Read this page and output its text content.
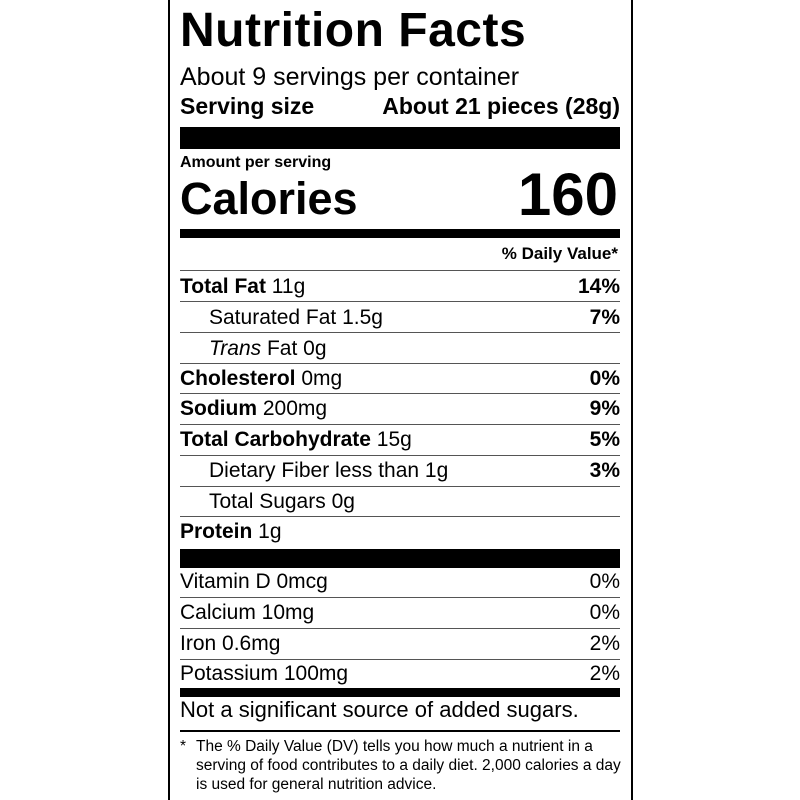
Nutrition Facts
About 9 servings per container
Serving size	About 21 pieces (28g)
Amount per serving
Calories	160
% Daily Value*
Total Fat 11g	14%
Saturated Fat 1.5g	7%
Trans Fat 0g
Cholesterol 0mg	0%
Sodium 200mg	9%
Total Carbohydrate 15g	5%
Dietary Fiber less than 1g	3%
Total Sugars 0g
Protein 1g
Vitamin D 0mcg	0%
Calcium 10mg	0%
Iron 0.6mg	2%
Potassium 100mg	2%
Not a significant source of added sugars.
* The % Daily Value (DV) tells you how much a nutrient in a serving of food contributes to a daily diet. 2,000 calories a day is used for general nutrition advice.
